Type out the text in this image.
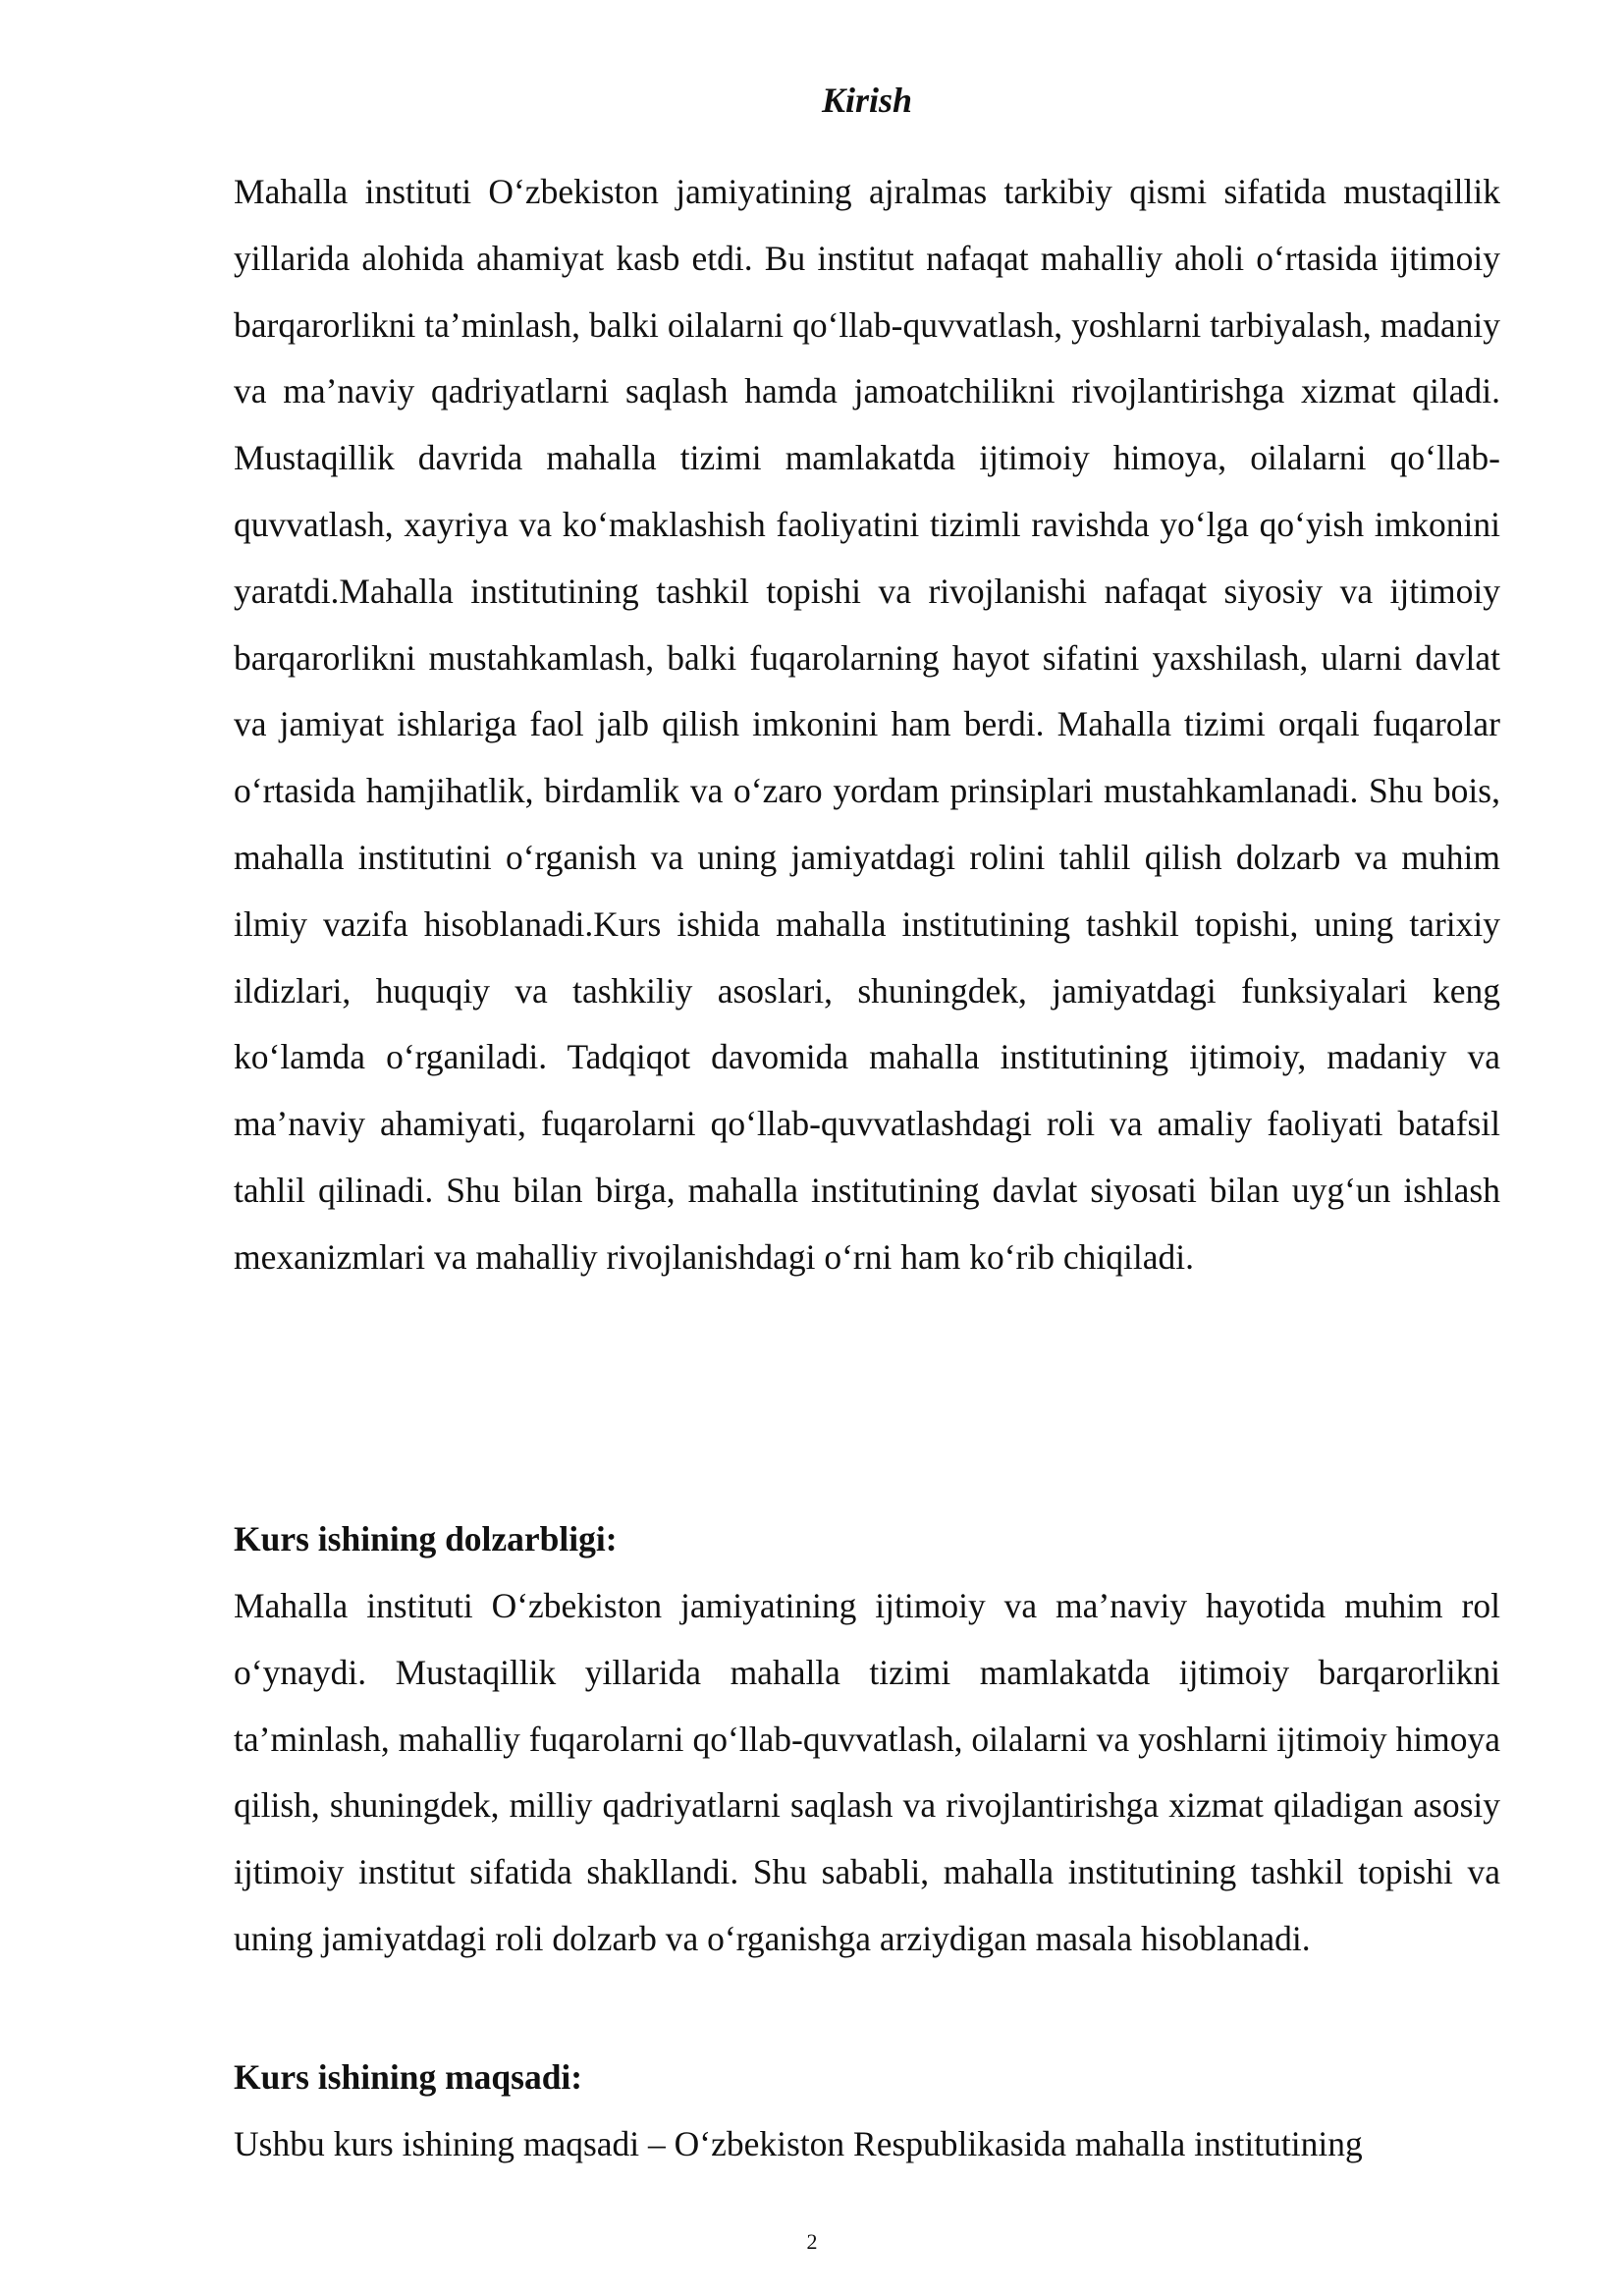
Kirish

Mahalla instituti O‘zbekiston jamiyatining ajralmas tarkibiy qismi sifatida mustaqillik yillarida alohida ahamiyat kasb etdi. Bu institut nafaqat mahalliy aholi o‘rtasida ijtimoiy barqarorlikni ta’minlash, balki oilalarni qo‘llab-quvvatlash, yoshlarni tarbiyalash, madaniy va ma’naviy qadriyatlarni saqlash hamda jamoatchilikni rivojlantirishga xizmat qiladi. Mustaqillik davrida mahalla tizimi mamlakatda ijtimoiy himoya, oilalarni qo‘llab-quvvatlash, xayriya va ko‘maklashish faoliyatini tizimli ravishda yo‘lga qo‘yish imkonini yaratdi.Mahalla institutining tashkil topishi va rivojlanishi nafaqat siyosiy va ijtimoiy barqarorlikni mustahkamlash, balki fuqarolarning hayot sifatini yaxshilash, ularni davlat va jamiyat ishlariga faol jalb qilish imkonini ham berdi. Mahalla tizimi orqali fuqarolar o‘rtasida hamjihatlik, birdamlik va o‘zaro yordam prinsiplari mustahkamlanadi. Shu bois, mahalla institutini o‘rganish va uning jamiyatdagi rolini tahlil qilish dolzarb va muhim ilmiy vazifa hisoblanadi.Kurs ishida mahalla institutining tashkil topishi, uning tarixiy ildizlari, huquqiy va tashkiliy asoslari, shuningdek, jamiyatdagi funksiyalari keng ko‘lamda o‘rganiladi. Tadqiqot davomida mahalla institutining ijtimoiy, madaniy va ma’naviy ahamiyati, fuqarolarni qo‘llab-quvvatlashdagi roli va amaliy faoliyati batafsil tahlil qilinadi. Shu bilan birga, mahalla institutining davlat siyosati bilan uyg‘un ishlash mexanizmlari va mahalliy rivojlanishdagi o‘rni ham ko‘rib chiqiladi.

Kurs ishining dolzarbligi:

Mahalla instituti O‘zbekiston jamiyatining ijtimoiy va ma’naviy hayotida muhim rol o‘ynaydi. Mustaqillik yillarida mahalla tizimi mamlakatda ijtimoiy barqarorlikni ta’minlash, mahalliy fuqarolarni qo‘llab-quvvatlash, oilalarni va yoshlarni ijtimoiy himoya qilish, shuningdek, milliy qadriyatlarni saqlash va rivojlantirishga xizmat qiladigan asosiy ijtimoiy institut sifatida shakllandi. Shu sababli, mahalla institutining tashkil topishi va uning jamiyatdagi roli dolzarb va o‘rganishga arziydigan masala hisoblanadi.

Kurs ishining maqsadi:

Ushbu kurs ishining maqsadi – O‘zbekiston Respublikasida mahalla institutining

2
